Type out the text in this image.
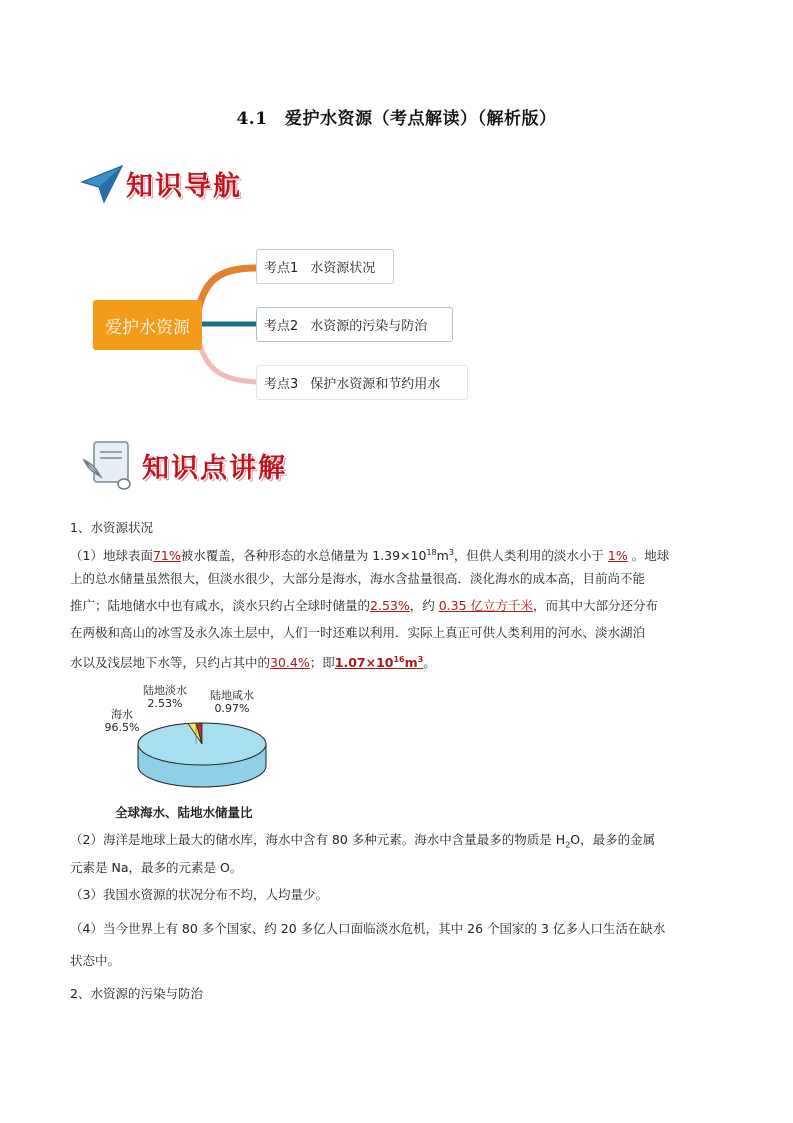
4.1　爱护水资源（考点解读）（解析版）
知识导航
爱护水资源
考点1 水资源状况
考点2 水资源的污染与防治
考点3 保护水资源和节约用水
知识点讲解
1、水资源状况
（1）地球表面71%被水覆盖，各种形态的水总储量为 $1.39\times 10^{18}m^3$，但供人类利用的淡水小于 1% 。地球
上的总水储量虽然很大，但淡水很少，大部分是海水，海水含盐量很高．淡化海水的成本高，目前尚不能
推广；陆地储水中也有咸水，淡水只约占全球时储量的2.53%，约 0.35 亿立方千米，而其中大部分还分布
在两极和高山的冰雪及永久冻土层中，人们一时还难以利用．实际上真正可供人类利用的河水、淡水湖泊
水以及浅层地下水等，只约占其中的30.4%；即$1.07\times 10^{16}m^3$。
陆地淡水
2.53%
陆地咸水
0.97%
海水
96.5%
全球海水、陆地水储量比
（2）海洋是地球上最大的储水库，海水中含有 80 多种元素。海水中含量最多的物质是 $H_2O$，最多的金属
元素是 Na，最多的元素是 O。
（3）我国水资源的状况分布不均，人均量少。
（4）当今世界上有 80 多个国家、约 20 多亿人口面临淡水危机，其中 26 个国家的 3 亿多人口生活在缺水
状态中。
2、水资源的污染与防治
